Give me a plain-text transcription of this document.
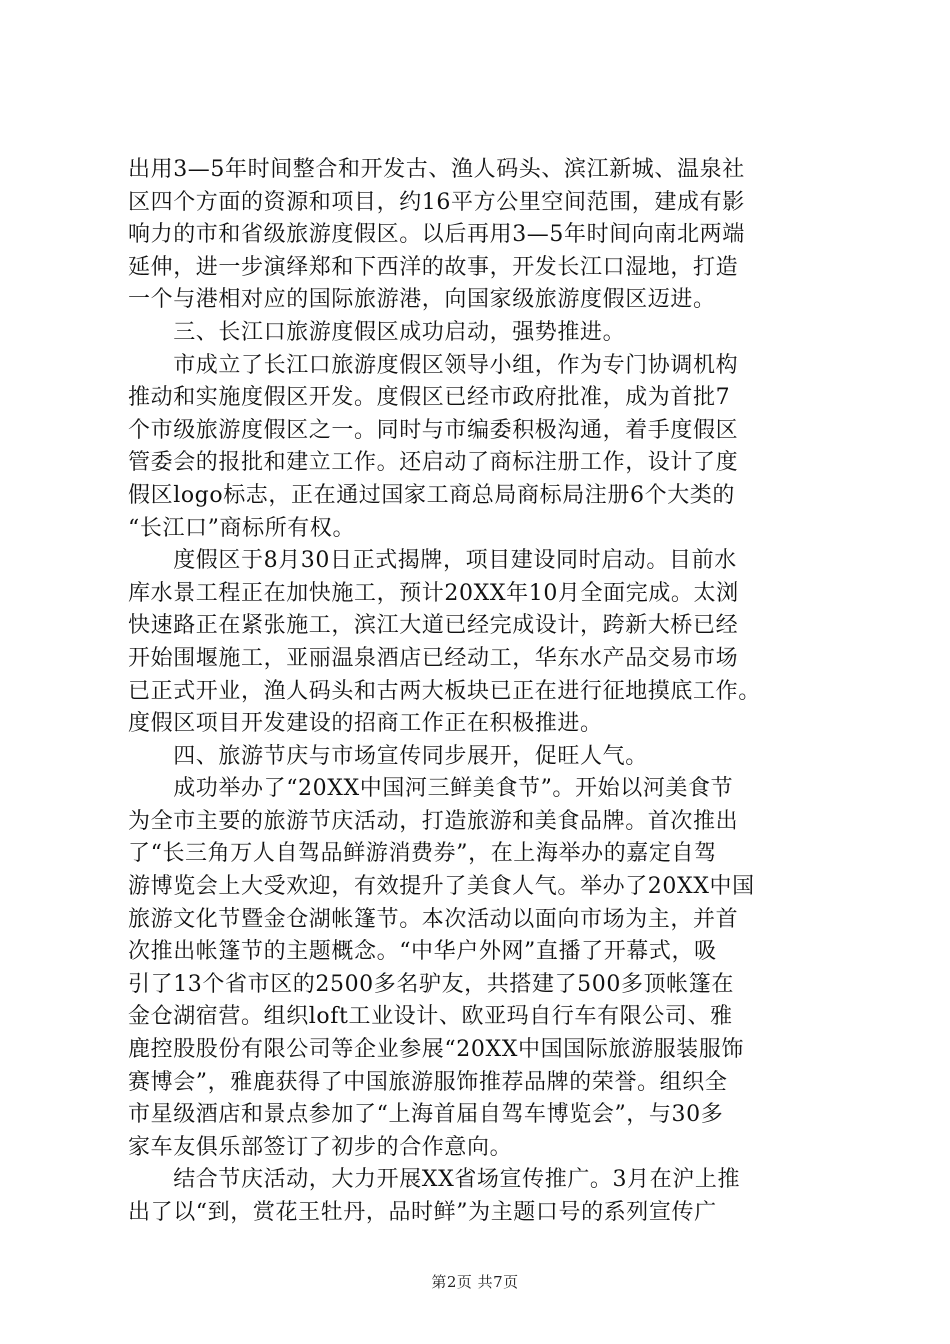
出用3—5年时间整合和开发古、渔人码头、滨江新城、温泉社
区四个方面的资源和项目，约16平方公里空间范围，建成有影
响力的市和省级旅游度假区。以后再用3—5年时间向南北两端
延伸，进一步演绎郑和下西洋的故事，开发长江口湿地，打造
一个与港相对应的国际旅游港，向国家级旅游度假区迈进。
　　三、长江口旅游度假区成功启动，强势推进。
　　市成立了长江口旅游度假区领导小组，作为专门协调机构
推动和实施度假区开发。度假区已经市政府批准，成为首批7
个市级旅游度假区之一。同时与市编委积极沟通，着手度假区
管委会的报批和建立工作。还启动了商标注册工作，设计了度
假区logo标志，正在通过国家工商总局商标局注册6个大类的
“长江口”商标所有权。
　　度假区于8月30日正式揭牌，项目建设同时启动。目前水
库水景工程正在加快施工，预计20XX年10月全面完成。太浏
快速路正在紧张施工，滨江大道已经完成设计，跨新大桥已经
开始围堰施工，亚丽温泉酒店已经动工，华东水产品交易市场
已正式开业，渔人码头和古两大板块已正在进行征地摸底工作。
度假区项目开发建设的招商工作正在积极推进。
　　四、旅游节庆与市场宣传同步展开，促旺人气。
　　成功举办了“20XX中国河三鲜美食节”。开始以河美食节
为全市主要的旅游节庆活动，打造旅游和美食品牌。首次推出
了“长三角万人自驾品鲜游消费券”，在上海举办的嘉定自驾
游博览会上大受欢迎，有效提升了美食人气。举办了20XX中国
旅游文化节暨金仓湖帐篷节。本次活动以面向市场为主，并首
次推出帐篷节的主题概念。“中华户外网”直播了开幕式，吸
引了13个省市区的2500多名驴友，共搭建了500多顶帐篷在
金仓湖宿营。组织loft工业设计、欧亚玛自行车有限公司、雅
鹿控股股份有限公司等企业参展“20XX中国国际旅游服装服饰
赛博会”，雅鹿获得了中国旅游服饰推荐品牌的荣誉。组织全
市星级酒店和景点参加了“上海首届自驾车博览会”，与30多
家车友俱乐部签订了初步的合作意向。
　　结合节庆活动，大力开展XX省场宣传推广。3月在沪上推
出了以“到，赏花王牡丹，品时鲜”为主题口号的系列宣传广
第2页 共7页
